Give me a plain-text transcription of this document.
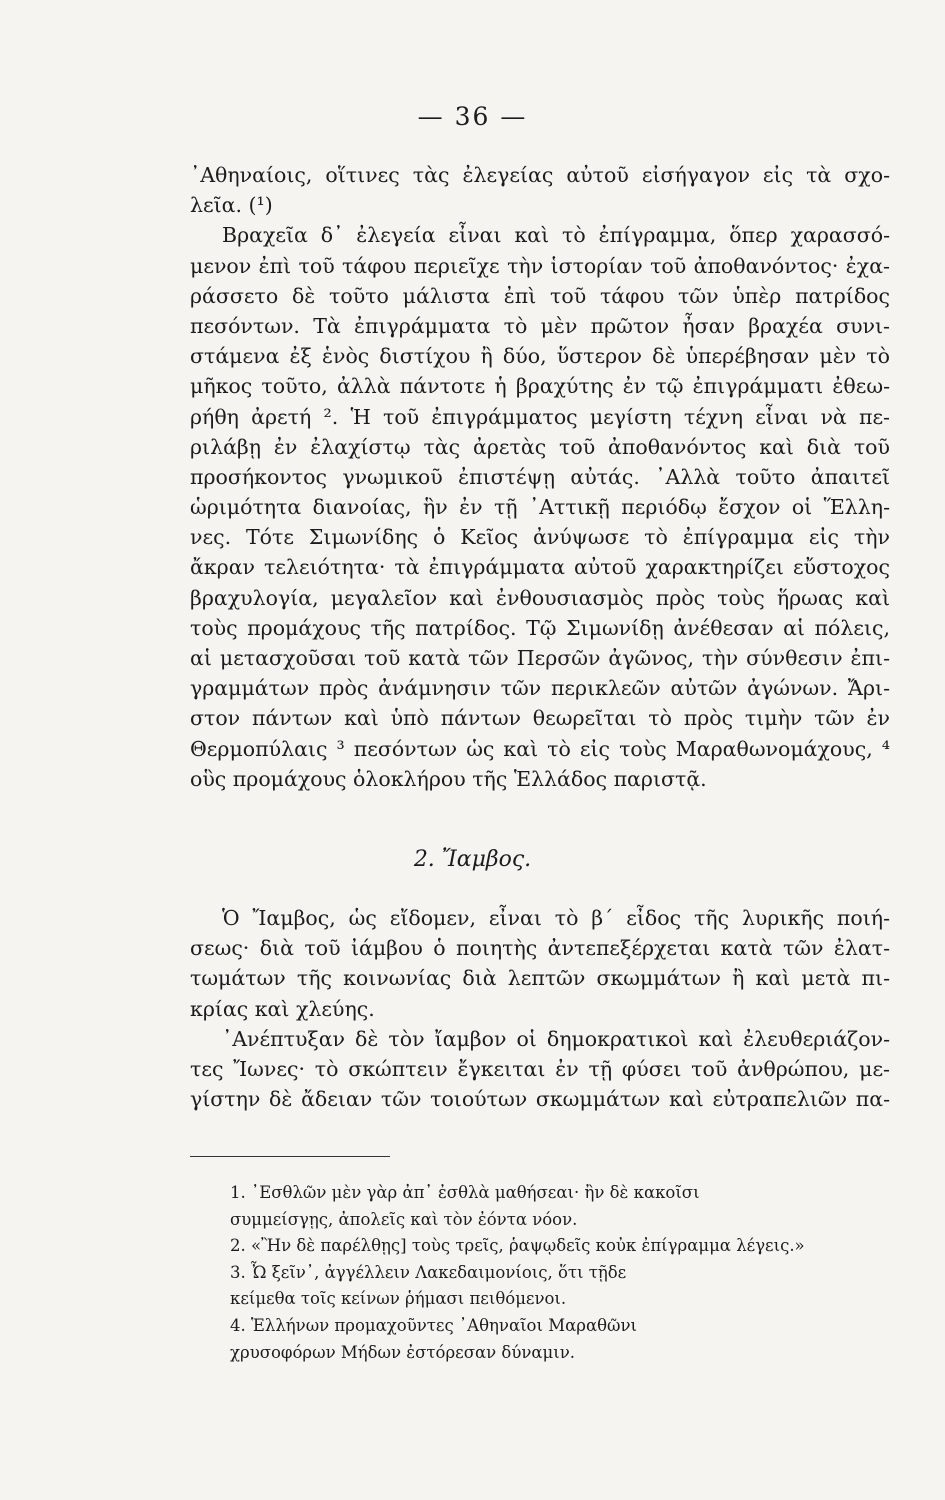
— 36 —
᾿Αθηναίοις, οἵτινες τὰς ἐλεγείας αὐτοῦ εἰσήγαγον εἰς τὰ σχο-
λεῖα. (¹)
Βραχεῖα δ᾿ ἐλεγεία εἶναι καὶ τὸ ἐπίγραμμα, ὅπερ χαρασσό-
μενον ἐπὶ τοῦ τάφου περιεῖχε τὴν ἱστορίαν τοῦ ἀποθανόντος· ἐχα-
ράσσετο δὲ τοῦτο μάλιστα ἐπὶ τοῦ τάφου τῶν ὑπὲρ πατρίδος
πεσόντων. Τὰ ἐπιγράμματα τὸ μὲν πρῶτον ἦσαν βραχέα συνι-
στάμενα ἐξ ἑνὸς διστίχου ἢ δύο, ὕστερον δὲ ὑπερέβησαν μὲν τὸ
μῆκος τοῦτο, ἀλλὰ πάντοτε ἡ βραχύτης ἐν τῷ ἐπιγράμματι ἐθεω-
ρήθη ἀρετή ². Ἡ τοῦ ἐπιγράμματος μεγίστη τέχνη εἶναι νὰ πε-
ριλάβῃ ἐν ἐλαχίστῳ τὰς ἀρετὰς τοῦ ἀποθανόντος καὶ διὰ τοῦ
προσήκοντος γνωμικοῦ ἐπιστέψῃ αὐτάς. ᾿Αλλὰ τοῦτο ἀπαιτεῖ
ὡριμότητα διανοίας, ἣν ἐν τῇ ᾿Αττικῇ περιόδῳ ἔσχον οἱ Ἕλλη-
νες. Τότε Σιμωνίδης ὁ Κεῖος ἀνύψωσε τὸ ἐπίγραμμα εἰς τὴν
ἄκραν τελειότητα· τὰ ἐπιγράμματα αὐτοῦ χαρακτηρίζει εὔστοχος
βραχυλογία, μεγαλεῖον καὶ ἐνθουσιασμὸς πρὸς τοὺς ἥρωας καὶ
τοὺς προμάχους τῆς πατρίδος. Τῷ Σιμωνίδῃ ἀνέθεσαν αἱ πόλεις,
αἱ μετασχοῦσαι τοῦ κατὰ τῶν Περσῶν ἀγῶνος, τὴν σύνθεσιν ἐπι-
γραμμάτων πρὸς ἀνάμνησιν τῶν περικλεῶν αὐτῶν ἀγώνων. Ἄρι-
στον πάντων καὶ ὑπὸ πάντων θεωρεῖται τὸ πρὸς τιμὴν τῶν ἐν
Θερμοπύλαις ³ πεσόντων ὡς καὶ τὸ εἰς τοὺς Μαραθωνομάχους, ⁴
οὓς προμάχους ὁλοκλήρου τῆς Ἑλλάδος παριστᾷ.
2. Ἴαμβος.
Ὁ Ἴαμβος, ὡς εἴδομεν, εἶναι τὸ β´ εἶδος τῆς λυρικῆς ποιή-
σεως· διὰ τοῦ ἰάμβου ὁ ποιητὴς ἀντεπεξέρχεται κατὰ τῶν ἐλατ-
τωμάτων τῆς κοινωνίας διὰ λεπτῶν σκωμμάτων ἢ καὶ μετὰ πι-
κρίας καὶ χλεύης.
᾿Ανέπτυξαν δὲ τὸν ἴαμβον οἱ δημοκρατικοὶ καὶ ἐλευθεριάζον-
τες Ἴωνες· τὸ σκώπτειν ἔγκειται ἐν τῇ φύσει τοῦ ἀνθρώπου, με-
γίστην δὲ ἄδειαν τῶν τοιούτων σκωμμάτων καὶ εὐτραπελιῶν πα-
1. ᾿Εσθλῶν μὲν γὰρ ἀπ᾿ ἐσθλὰ μαθήσεαι· ἢν δὲ κακοῖσι
συμμείσγῃς, ἀπολεῖς καὶ τὸν ἐόντα νόον.
2. «Ἢν δὲ παρέλθῃς] τοὺς τρεῖς, ῥαψῳδεῖς κοὐκ ἐπίγραμμα λέγεις.»
3. Ὦ ξεῖν᾿, ἀγγέλλειν Λακεδαιμονίοις, ὅτι τῇδε
κείμεθα τοῖς κείνων ῥήμασι πειθόμενοι.
4. Ἑλλήνων προμαχοῦντες ᾿Αθηναῖοι Μαραθῶνι
χρυσοφόρων Μήδων ἐστόρεσαν δύναμιν.
